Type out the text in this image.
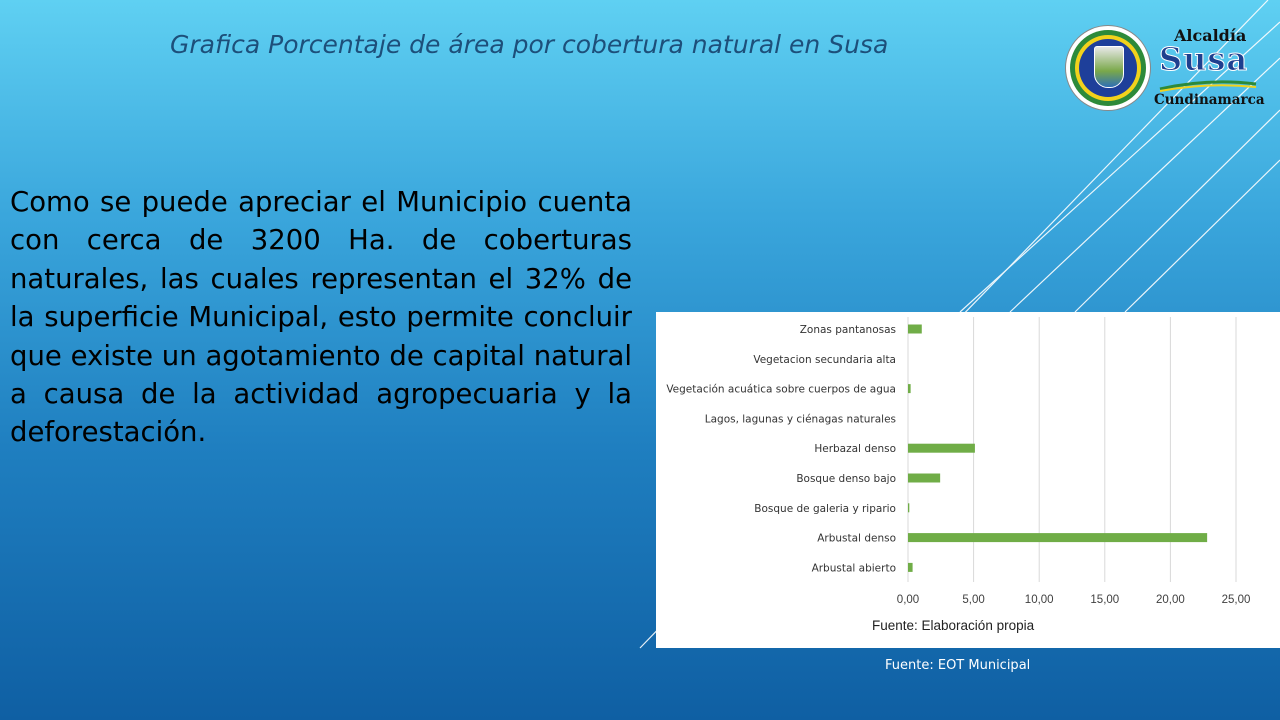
Grafica Porcentaje de área por cobertura natural en Susa
Como se puede apreciar el Municipio cuenta con cerca de 3200 Ha. de coberturas naturales, las cuales representan el 32% de la superficie Municipal, esto permite concluir que existe un agotamiento de capital natural a causa de la actividad agropecuaria y la deforestación.
Alcaldía
Susa
Cundinamarca
0,00	5,00	10,00	15,00	20,00	25,00
Zonas pantanosas
Vegetacion secundaria alta
Vegetación acuática sobre cuerpos de agua
Lagos, lagunas y ciénagas naturales
Herbazal denso
Bosque denso bajo
Bosque de galeria y ripario
Arbustal denso
Arbustal abierto
Fuente: Elaboración propia
Fuente: EOT Municipal
